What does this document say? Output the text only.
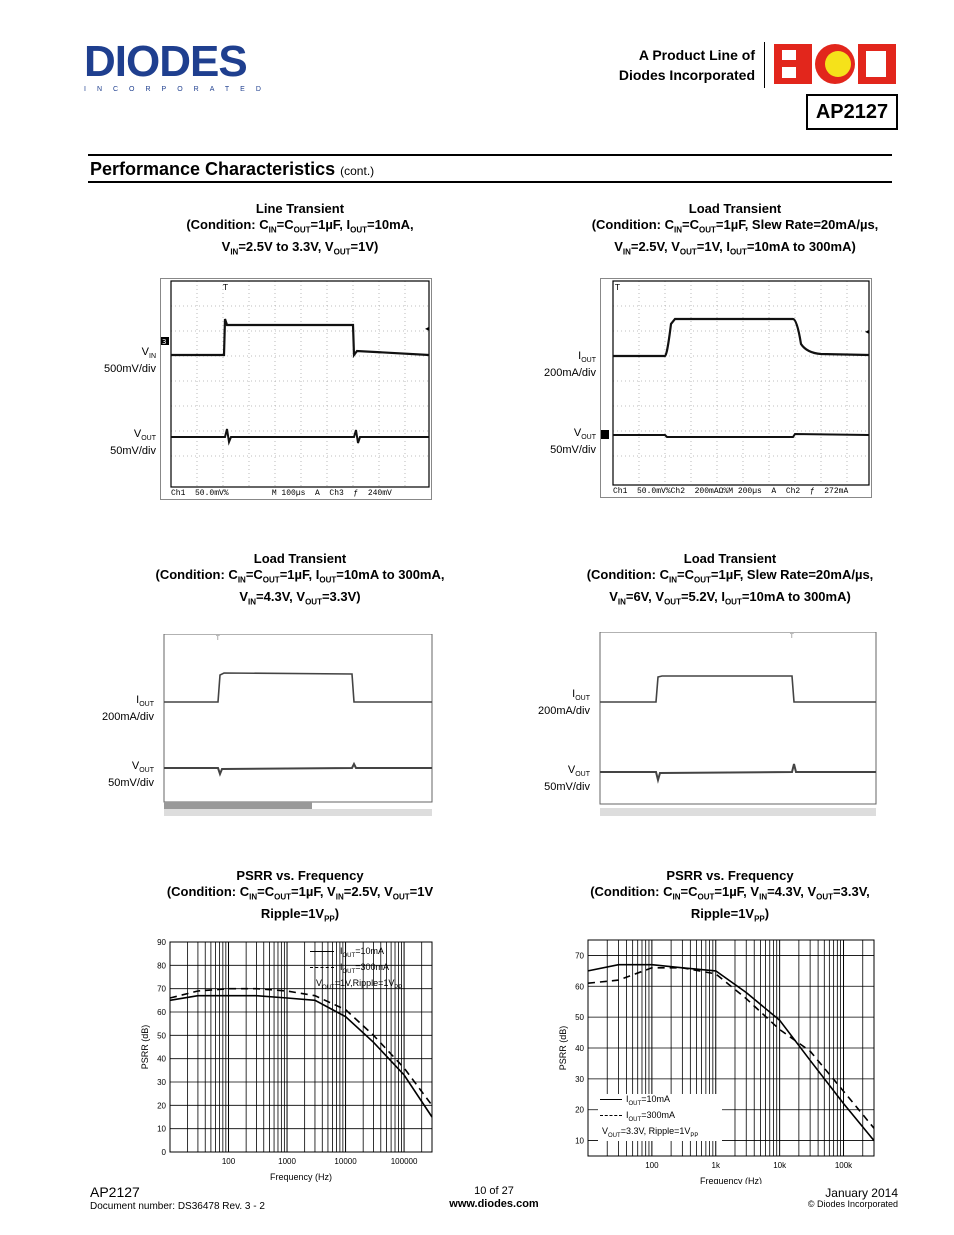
DIODES
INCORPORATED
A Product Line of
Diodes Incorporated
AP2127
Performance Characteristics (cont.)
Line Transient
(Condition: $C_{IN}=C_{OUT}=1\mu F$, $I_{OUT}=10mA$,
$V_{IN}=2.5V$ to 3.3V, $V_{OUT}=1V$)
$V_{IN}$
500mV/div
$V_{OUT}$
50mV/div
T
3
◂
Ch1  50.0mV%         M 100µs  A  Ch3  ƒ  240mV
Load Transient
(Condition: $C_{IN}=C_{OUT}=1\mu F$, Slew Rate=20mA/µs,
$V_{IN}=2.5V$, $V_{OUT}=1V$, $I_{OUT}=10mA$ to 300mA)
$I_{OUT}$
200mA/div
$V_{OUT}$
50mV/div
T
◂
Ch1  50.0mV%Ch2  200mAΩ%M 200µs  A  Ch2  ƒ  272mA
Load Transient
(Condition: $C_{IN}=C_{OUT}=1\mu F$, $I_{OUT}=10mA$ to 300mA,
$V_{IN}=4.3V$, $V_{OUT}=3.3V$)
$I_{OUT}$
200mA/div
$V_{OUT}$
50mV/div
T
Load Transient
(Condition: $C_{IN}=C_{OUT}=1\mu F$, Slew Rate=20mA/µs,
$V_{IN}=6V$, $V_{OUT}=5.2V$, $I_{OUT}=10mA$ to 300mA)
$I_{OUT}$
200mA/div
$V_{OUT}$
50mV/div
T
PSRR vs. Frequency
(Condition: $C_{IN}=C_{OUT}=1\mu F$, $V_{IN}=2.5V$, $V_{OUT}=1V$
$Ripple=1V_{PP}$)
0
10
20
30
40
50
60
70
80
90
100	1000	10000	100000
Frequency (Hz)
PSRR (dB)
$I_{OUT}=10mA$
$I_{OUT}=300mA$
$V_{OUT}=1V,Ripple=1V_{PP}$
PSRR vs. Frequency
(Condition: $C_{IN}=C_{OUT}=1\mu F$, $V_{IN}=4.3V$, $V_{OUT}=3.3V$,
$Ripple=1V_{PP}$)
10
20
30
40
50
60
70
100	1k	10k	100k
Frequency (Hz)
PSRR (dB)
$I_{OUT}=10mA$
$I_{OUT}=300mA$
$V_{OUT}=3.3V$, $Ripple=1V_{PP}$
AP2127
Document number: DS36478 Rev. 3 - 2
10 of 27
www.diodes.com
January 2014
© Diodes Incorporated
